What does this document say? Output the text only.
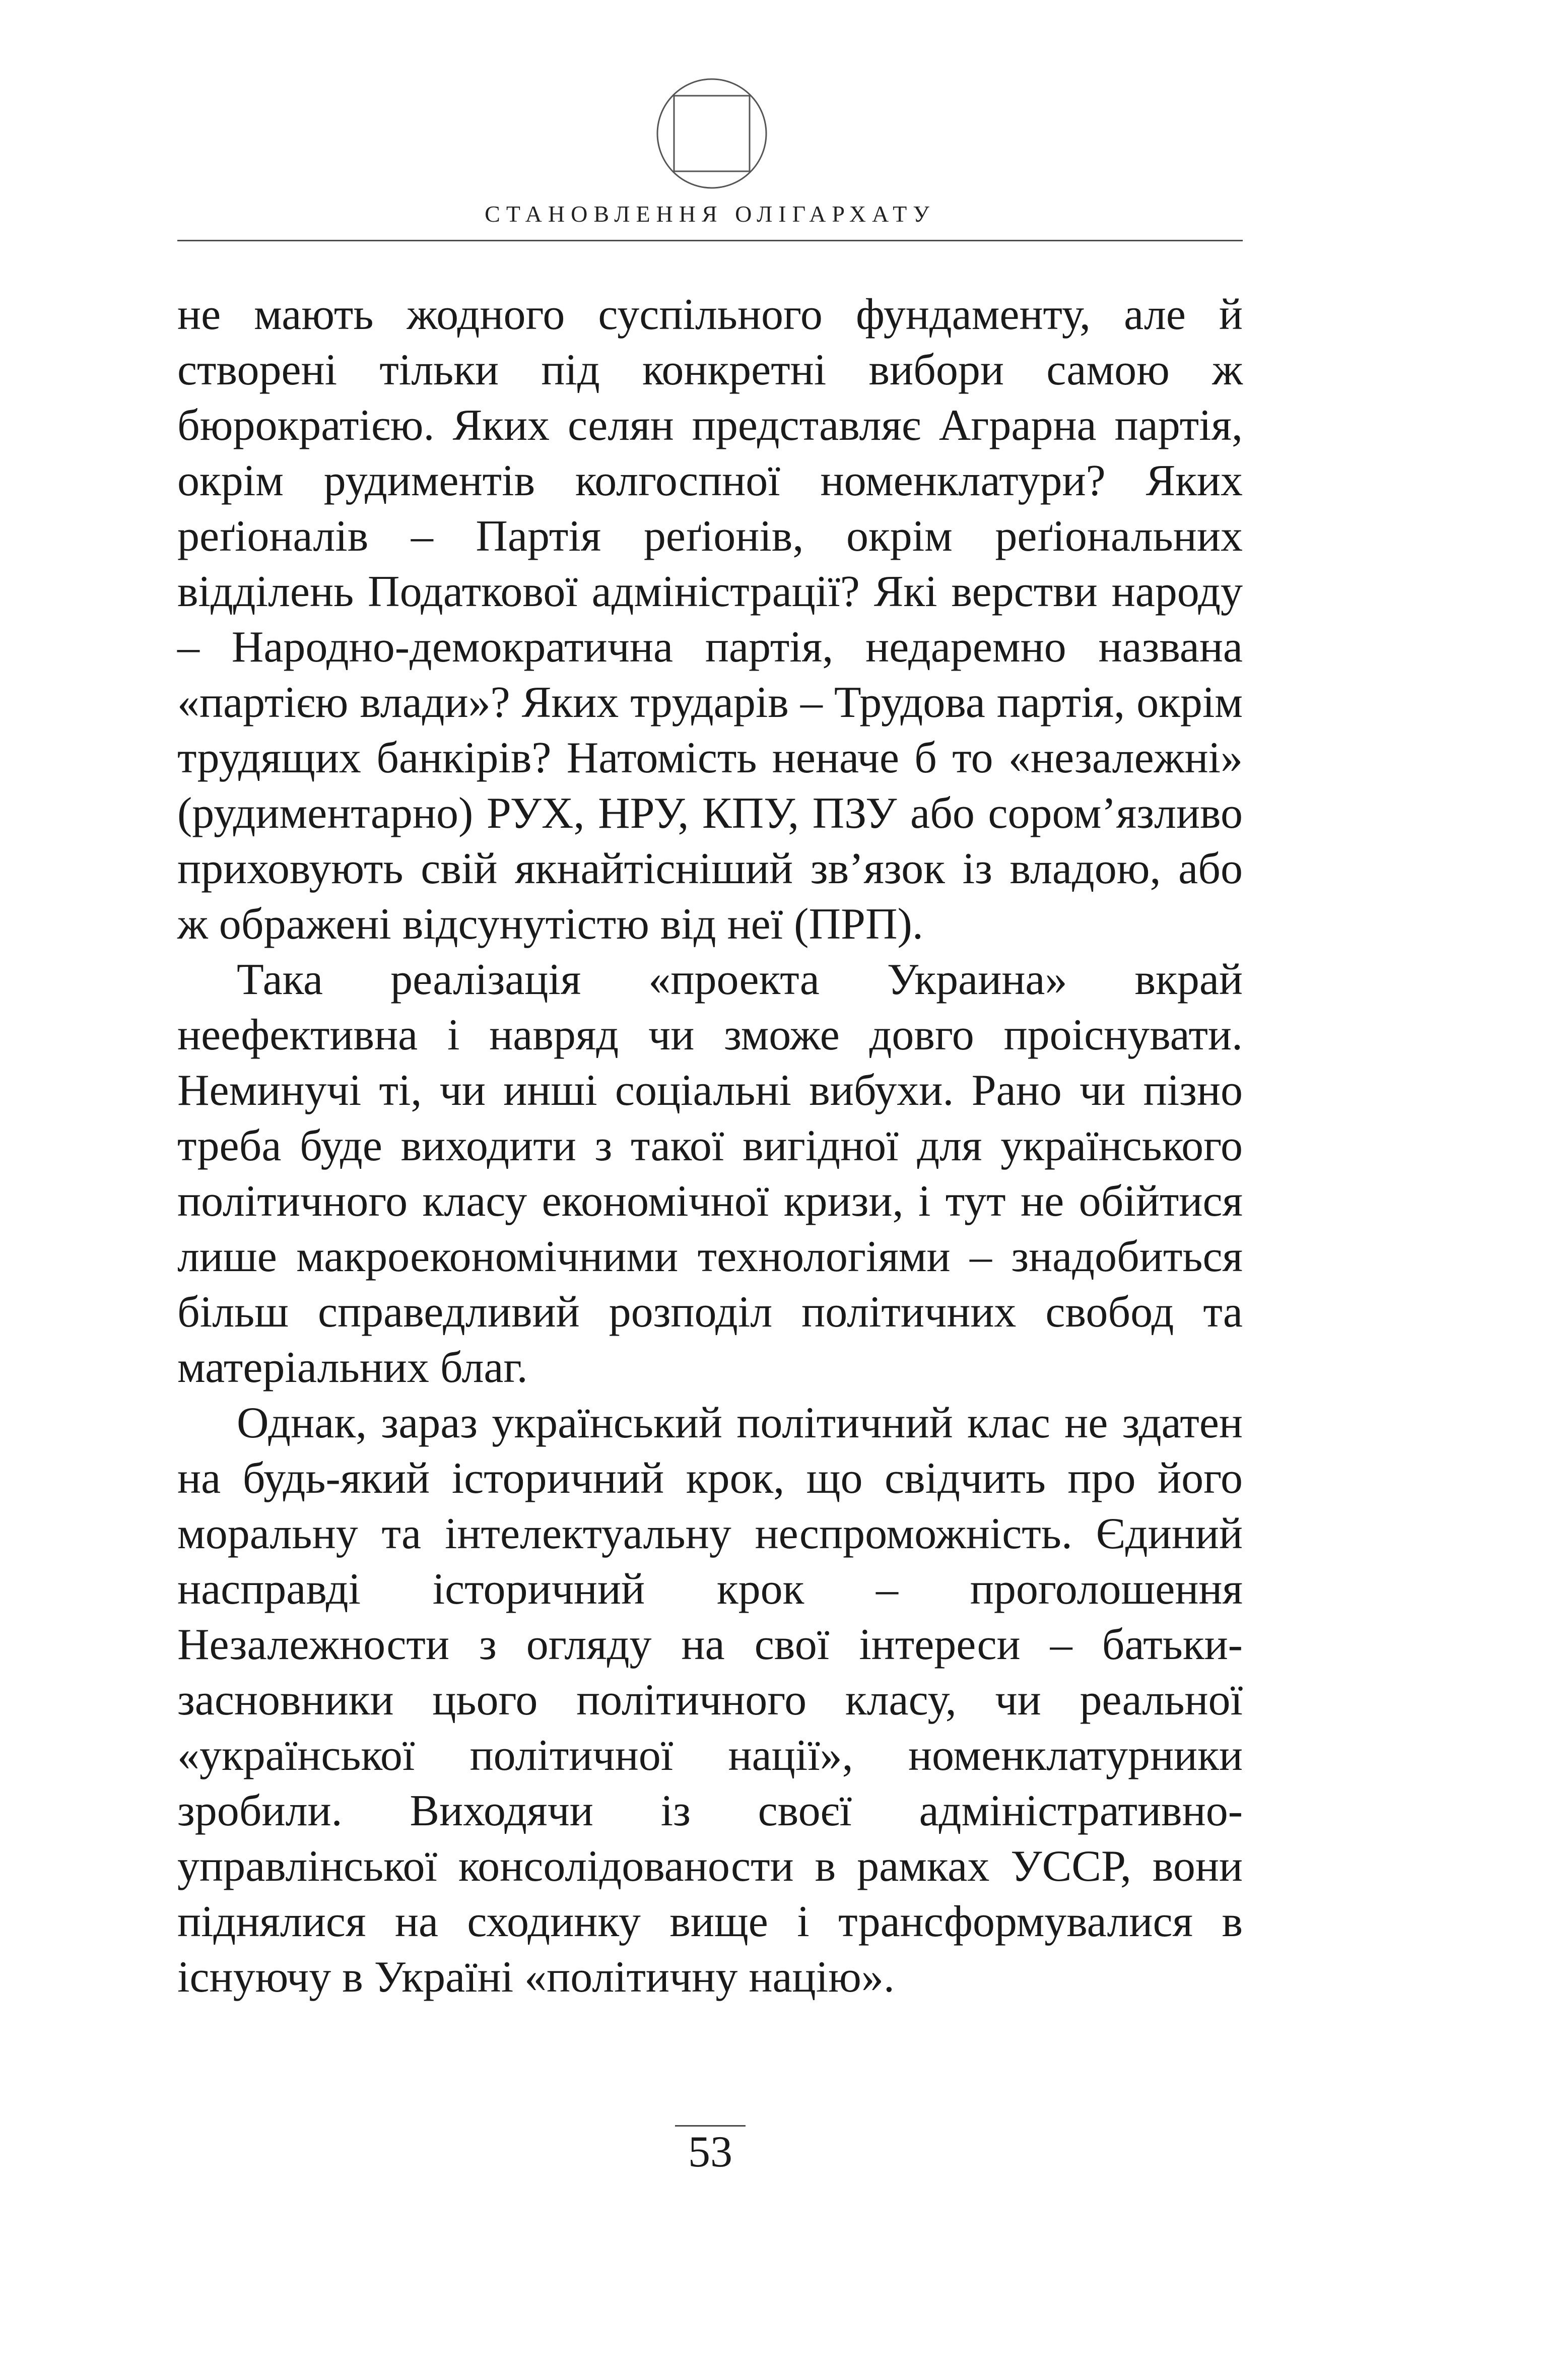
СТАНОВЛЕННЯ ОЛІГАРХАТУ

не мають жодного суспільного фундаменту, але й створені тільки під конкретні вибори самою ж бюрократією. Яких селян представляє Аграрна партія, окрім рудиментів колгоспної номенклатури? Яких реґіоналів – Партія реґіонів, окрім реґіональних відділень Податкової адміністрації? Які верстви народу – Народно-демократична партія, недаремно названа «партією влади»? Яких трударів – Трудова партія, окрім трудящих банкірів? Натомість неначе б то «незалежні» (рудиментарно) РУХ, НРУ, КПУ, ПЗУ або сором’язливо приховують свій якнайтісніший зв’язок із владою, або ж ображені відсунутістю від неї (ПРП).

Така реалізація «проекта Украина» вкрай неефективна і навряд чи зможе довго проіснувати. Неминучі ті, чи инші соціальні вибухи. Рано чи пізно треба буде виходити з такої вигідної для українського політичного класу економічної кризи, і тут не обійтися лише макроекономічними технологіями – знадобиться більш справедливий розподіл політичних свобод та матеріальних благ.

Однак, зараз український політичний клас не здатен на будь-який історичний крок, що свідчить про його моральну та інтелектуальну неспроможність. Єдиний насправді історичний крок – проголошення Незалежности з огляду на свої інтереси – батьки-засновники цього політичного класу, чи реальної «української політичної нації», номенклатурники зробили. Виходячи із своєї адміністративно-управлінської консолідованости в рамках УССР, вони піднялися на сходинку вище і трансформувалися в існуючу в Україні «політичну націю».

53
